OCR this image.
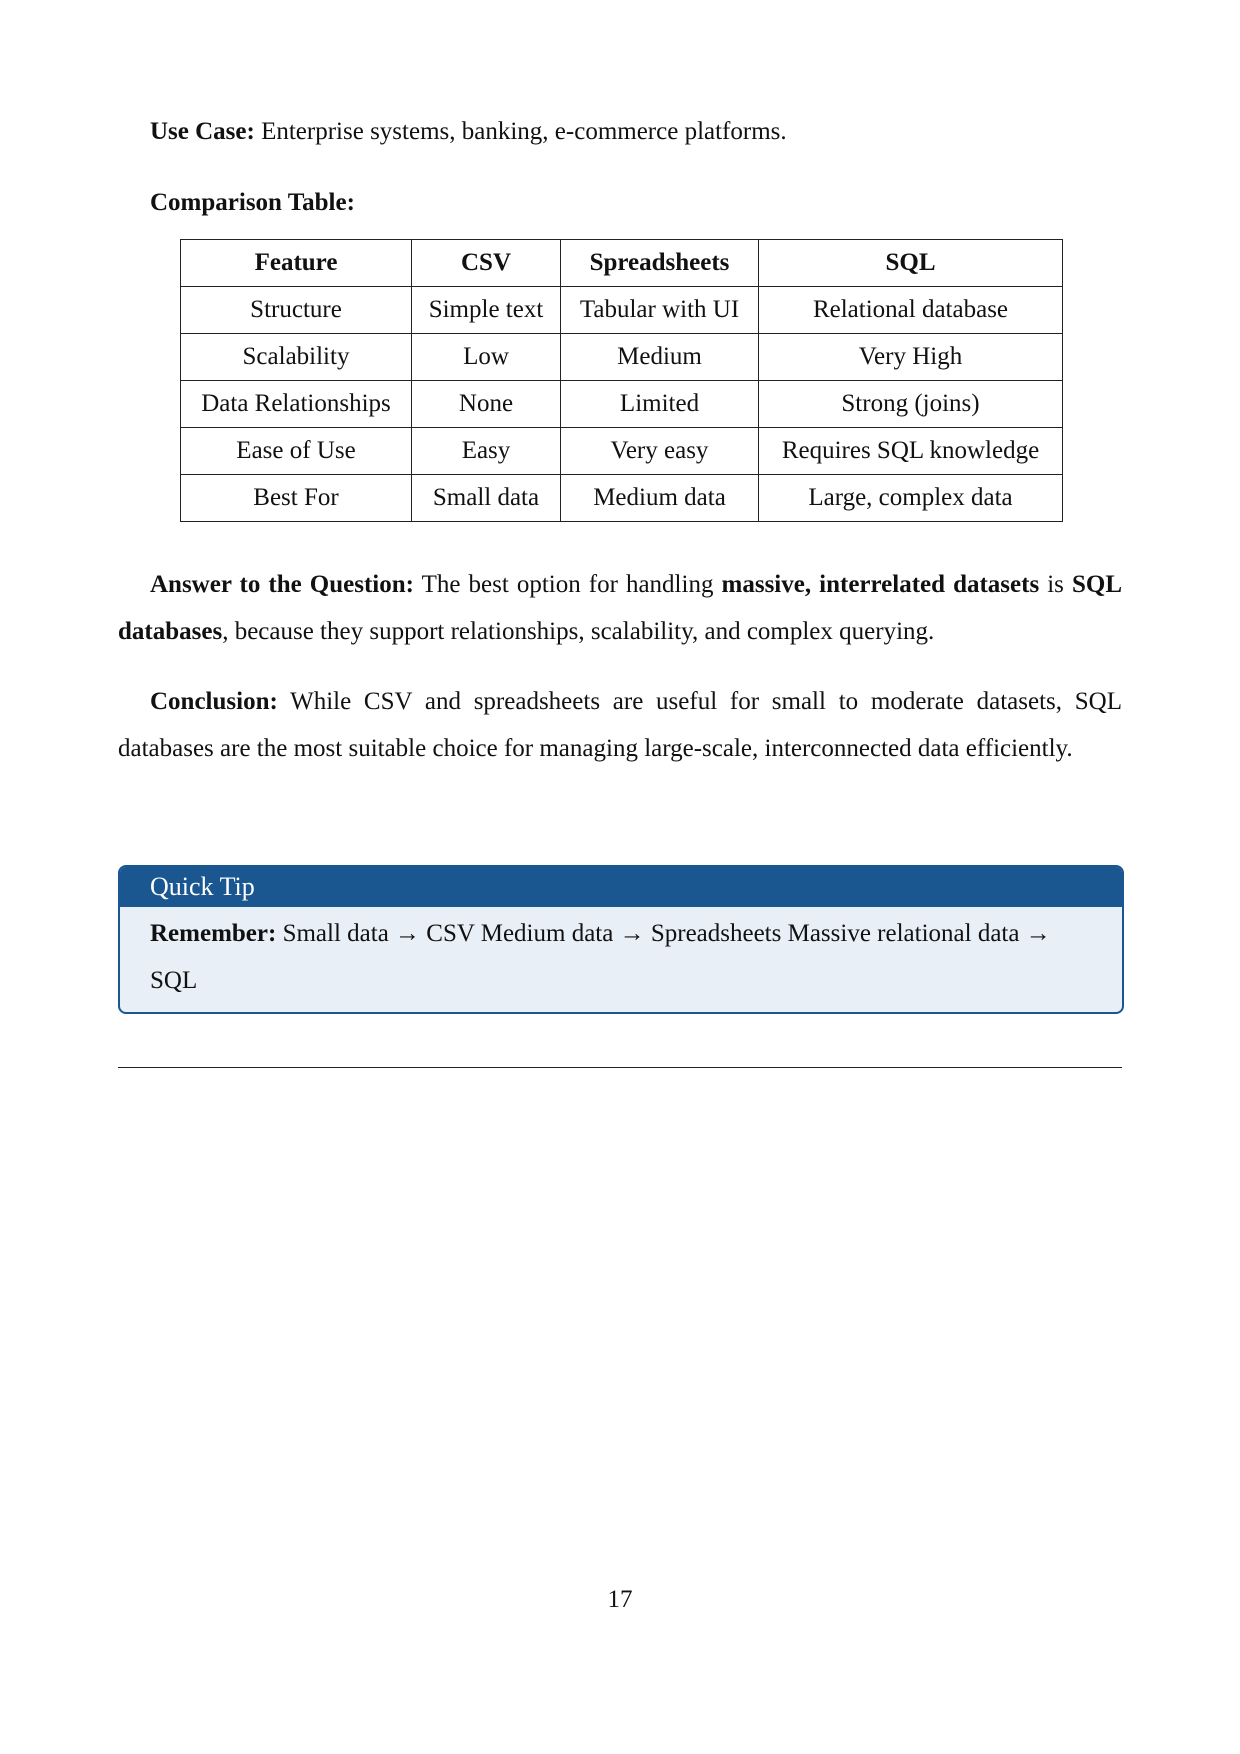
Use Case: Enterprise systems, banking, e-commerce platforms.

Comparison Table:

Feature	CSV	Spreadsheets	SQL
Structure	Simple text	Tabular with UI	Relational database
Scalability	Low	Medium	Very High
Data Relationships	None	Limited	Strong (joins)
Ease of Use	Easy	Very easy	Requires SQL knowledge
Best For	Small data	Medium data	Large, complex data

Answer to the Question: The best option for handling massive, interrelated datasets is SQL databases, because they support relationships, scalability, and complex querying.

Conclusion: While CSV and spreadsheets are useful for small to moderate datasets, SQL databases are the most suitable choice for managing large-scale, interconnected data efficiently.

Quick Tip
Remember: Small data → CSV Medium data → Spreadsheets Massive relational data → SQL
17
